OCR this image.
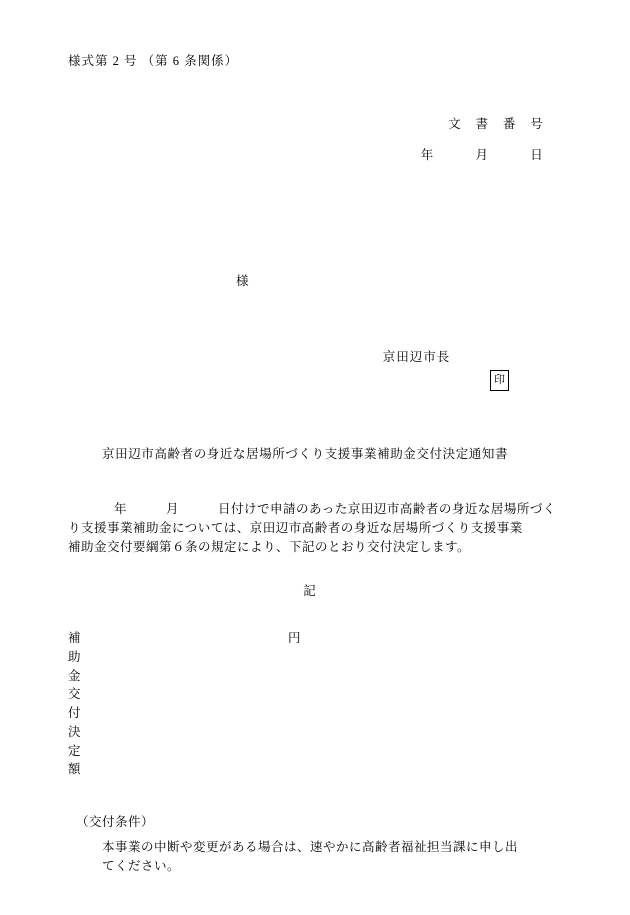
様式第 2 号 （第 6 条関係）
文　書　番　号
年　　　月　　　日
様

京田辺市長印

京田辺市高齢者の身近な居場所づくり支援事業補助金交付決定通知書
年　　　月　　　日付けで申請のあった京田辺市高齢者の身近な居場所づく
り支援事業補助金については、京田辺市高齢者の身近な居場所づくり支援事業
補助金交付要綱第６条の規定により、下記のとおり交付決定します。
記
補助金交付決定額
円
（交付条件）
本事業の中断や変更がある場合は、速やかに高齢者福祉担当課に申し出
てください。
